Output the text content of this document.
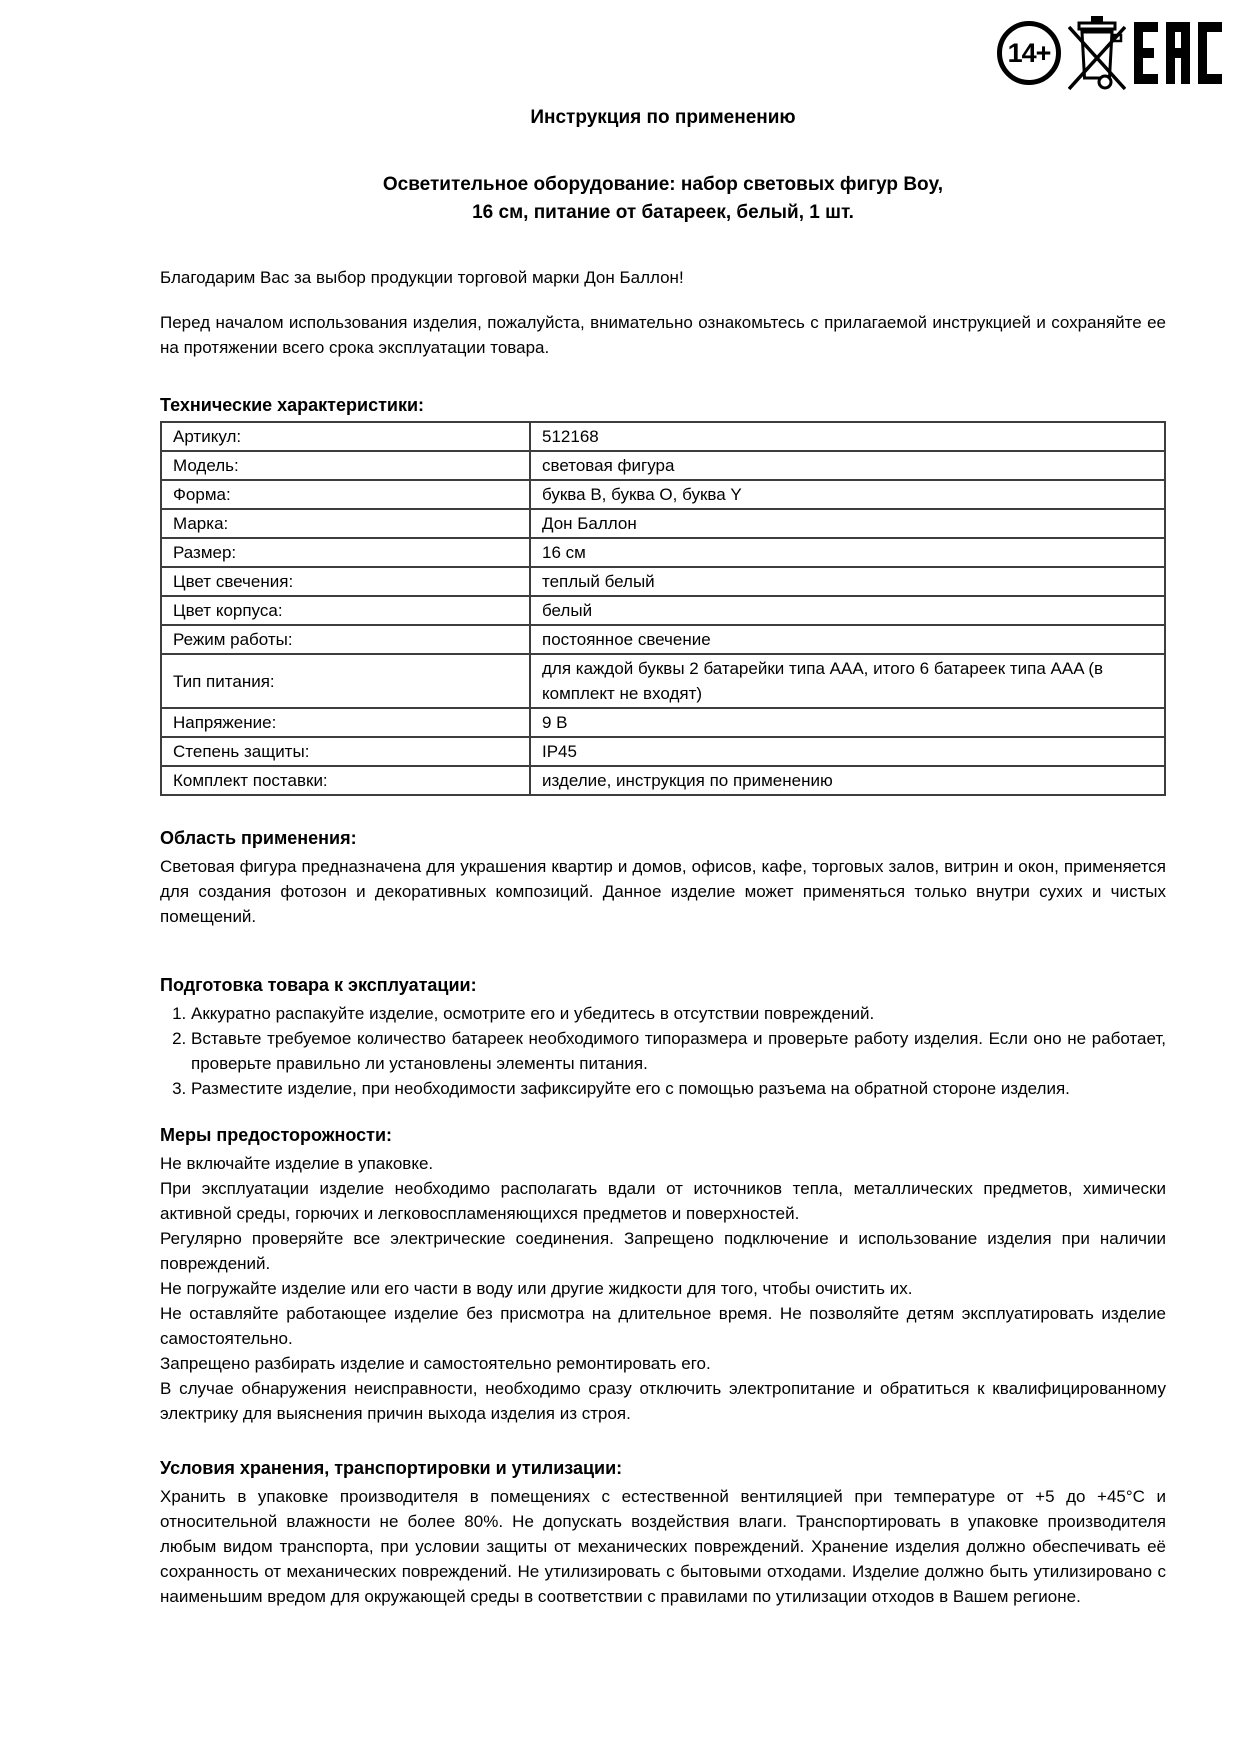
14+
Инструкция по применению
Осветительное оборудование: набор световых фигур Boy,
16 см, питание от батареек, белый, 1 шт.

Благодарим Вас за выбор продукции торговой марки Дон Баллон!

Перед началом использования изделия, пожалуйста, внимательно ознакомьтесь с прилагаемой инструкцией и сохраняйте ее на протяжении всего срока эксплуатации товара.

Технические характеристики:
Артикул:	512168
Модель:	световая фигура
Форма:	буква B, буква O, буква Y
Марка:	Дон Баллон
Размер:	16 см
Цвет свечения:	теплый белый
Цвет корпуса:	белый
Режим работы:	постоянное свечение
Тип питания:	для каждой буквы 2 батарейки типа AAA, итого 6 батареек типа AAA (в комплект не входят)
Напряжение:	9 В
Степень защиты:	IP45
Комплект поставки:	изделие, инструкция по применению
Область применения:

Световая фигура предназначена для украшения квартир и домов, офисов, кафе, торговых залов, витрин и окон, применяется для создания фотозон и декоративных композиций. Данное изделие может применяться только внутри сухих и чистых помещений.

Подготовка товара к эксплуатации:
1. Аккуратно распакуйте изделие, осмотрите его и убедитесь в отсутствии повреждений.
2. Вставьте требуемое количество батареек необходимого типоразмера и проверьте работу изделия. Если оно не работает, проверьте правильно ли установлены элементы питания.
3. Разместите изделие, при необходимости зафиксируйте его с помощью разъема на обратной стороне изделия.
Меры предосторожности:

Не включайте изделие в упаковке.

При эксплуатации изделие необходимо располагать вдали от источников тепла, металлических предметов, химически активной среды, горючих и легковоспламеняющихся предметов и поверхностей.

Регулярно проверяйте все электрические соединения. Запрещено подключение и использование изделия при наличии повреждений.

Не погружайте изделие или его части в воду или другие жидкости для того, чтобы очистить их.

Не оставляйте работающее изделие без присмотра на длительное время. Не позволяйте детям эксплуатировать изделие самостоятельно.

Запрещено разбирать изделие и самостоятельно ремонтировать его.

В случае обнаружения неисправности, необходимо сразу отключить электропитание и обратиться к квалифицированному электрику для выяснения причин выхода изделия из строя.

Условия хранения, транспортировки и утилизации:

Хранить в упаковке производителя в помещениях с естественной вентиляцией при температуре от +5 до +45°С и относительной влажности не более 80%. Не допускать воздействия влаги. Транспортировать в упаковке производителя любым видом транспорта, при условии защиты от механических повреждений. Хранение изделия должно обеспечивать её сохранность от механических повреждений. Не утилизировать с бытовыми отходами. Изделие должно быть утилизировано с наименьшим вредом для окружающей среды в соответствии с правилами по утилизации отходов в Вашем регионе.
